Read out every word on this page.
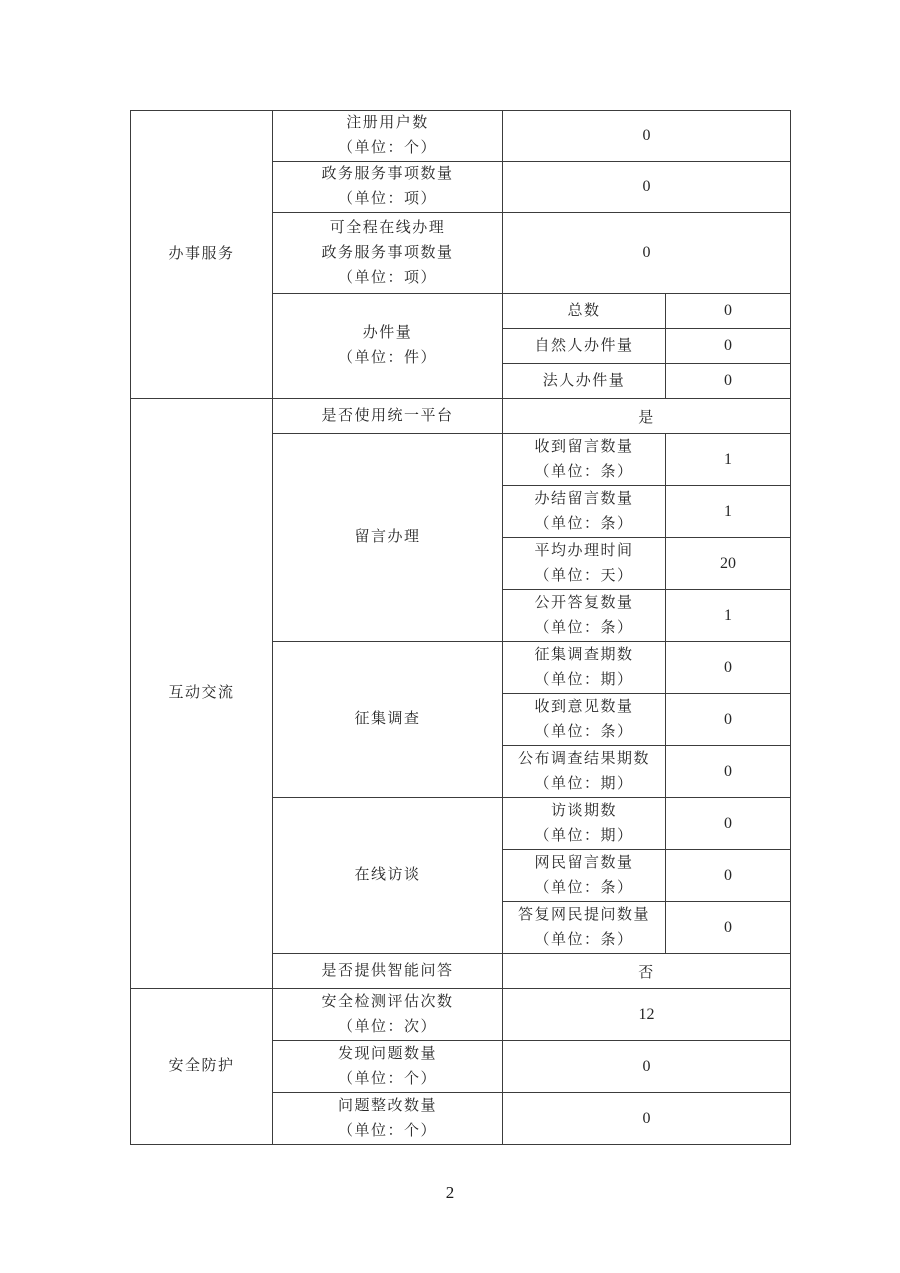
办事服务	注册用户数
（单位：个）	0	

	政务服务事项数量
（单位：项）	0	

	可全程在线办理
政务服务事项数量
（单位：项）	0	

	办件量
（单位：件）	总数	0

		自然人办件量	0

		法人办件量	0

互动交流	是否使用统一平台	是	

	留言办理	收到留言数量
（单位：条）	1

		办结留言数量
（单位：条）	1

		平均办理时间
（单位：天）	20

		公开答复数量
（单位：条）	1

	征集调查	征集调查期数
（单位：期）	0

		收到意见数量
（单位：条）	0

		公布调查结果期数
（单位：期）	0

	在线访谈	访谈期数
（单位：期）	0

		网民留言数量
（单位：条）	0

		答复网民提问数量
（单位：条）	0

	是否提供智能问答	否	

安全防护	安全检测评估次数
（单位：次）	12	

	发现问题数量
（单位：个）	0	

	问题整改数量
（单位：个）	0	
2
